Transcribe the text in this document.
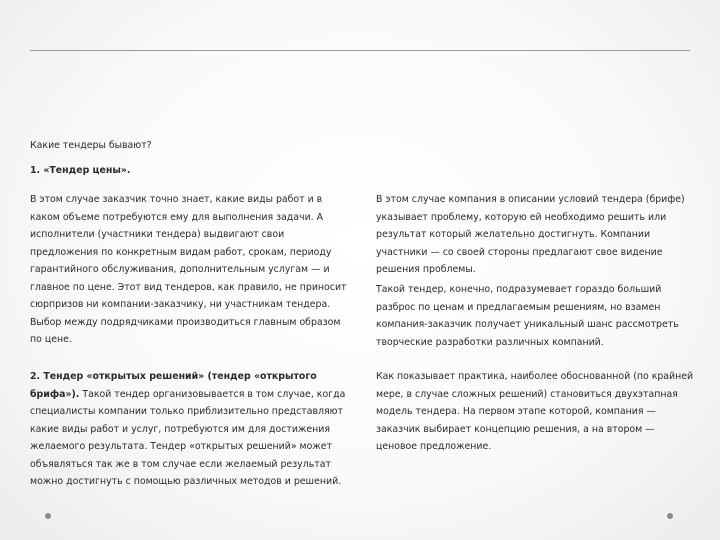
Какие тендеры бывают?

1. «Тендер цены».

В этом случае заказчик точно знает, какие виды работ и в каком объеме потребуются ему для выполнения задачи. А исполнители (участники тендера) выдвигают свои предложения по конкретным видам работ, срокам, периоду гарантийного обслуживания, дополнительным услугам — и главное по цене. Этот вид тендеров, как правило, не приносит сюрпризов ни компании-заказчику, ни участникам тендера. Выбор между подрядчиками производиться главным образом по цене.

В этом случае компания в описании условий тендера (брифе) указывает проблему, которую ей необходимо решить или результат который желательно достигнуть. Компании участники — со своей стороны предлагают свое видение решения проблемы.

Такой тендер, конечно, подразумевает гораздо больший разброс по ценам и предлагаемым решениям, но взамен компания-заказчик получает уникальный шанс рассмотреть творческие разработки различных компаний.

2. Тендер «открытых решений» (тендер «открытого брифа»). Такой тендер организовывается в том случае, когда специалисты компании только приблизительно представляют какие виды работ и услуг, потребуются им для достижения желаемого результата. Тендер «открытых решений» может объявляться так же в том случае если желаемый результат можно достигнуть с помощью различных методов и решений.

Как показывает практика, наиболее обоснованной (по крайней мере, в случае сложных решений) становиться двухэтапная модель тендера. На первом этапе которой, компания — заказчик выбирает концепцию решения, а на втором — ценовое предложение.
